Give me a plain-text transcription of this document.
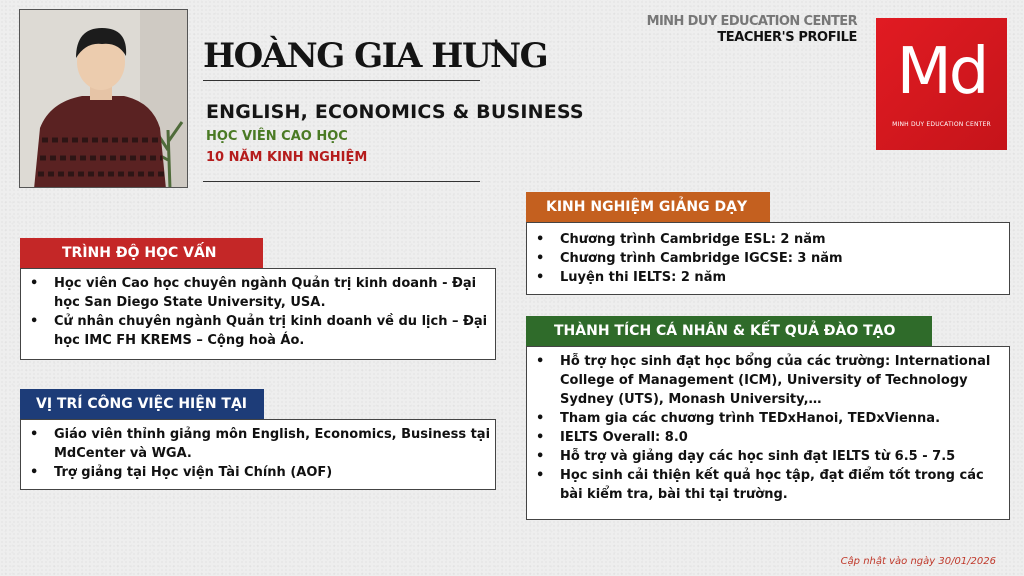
HOÀNG GIA HƯNG
ENGLISH, ECONOMICS & BUSINESS
HỌC VIÊN CAO HỌC
10 NĂM KINH NGHIỆM
MINH DUY EDUCATION CENTER
TEACHER'S PROFILE Md
MINH DUY EDUCATION CENTER
TRÌNH ĐỘ HỌC VẤN
• Học viên Cao học chuyên ngành Quản trị kinh doanh - Đại học San Diego State University, USA.
• Cử nhân chuyên ngành Quản trị kinh doanh về du lịch – Đại học IMC FH KREMS – Cộng hoà Áo.
VỊ TRÍ CÔNG VIỆC HIỆN TẠI
• Giáo viên thỉnh giảng môn English, Economics, Business tại MdCenter và WGA.
• Trợ giảng tại Học viện Tài Chính (AOF)
KINH NGHIỆM GIẢNG DẠY
• Chương trình Cambridge ESL: 2 năm
• Chương trình Cambridge IGCSE: 3 năm
• Luyện thi IELTS: 2 năm
THÀNH TÍCH CÁ NHÂN & KẾT QUẢ ĐÀO TẠO
• Hỗ trợ học sinh đạt học bổng của các trường: International College of Management (ICM), University of Technology Sydney (UTS), Monash University,…
• Tham gia các chương trình TEDxHanoi, TEDxVienna.
• IELTS Overall: 8.0
• Hỗ trợ và giảng dạy các học sinh đạt IELTS từ 6.5 - 7.5
• Học sinh cải thiện kết quả học tập, đạt điểm tốt trong các bài kiểm tra, bài thi tại trường.
Cập nhật vào ngày 30/01/2026
